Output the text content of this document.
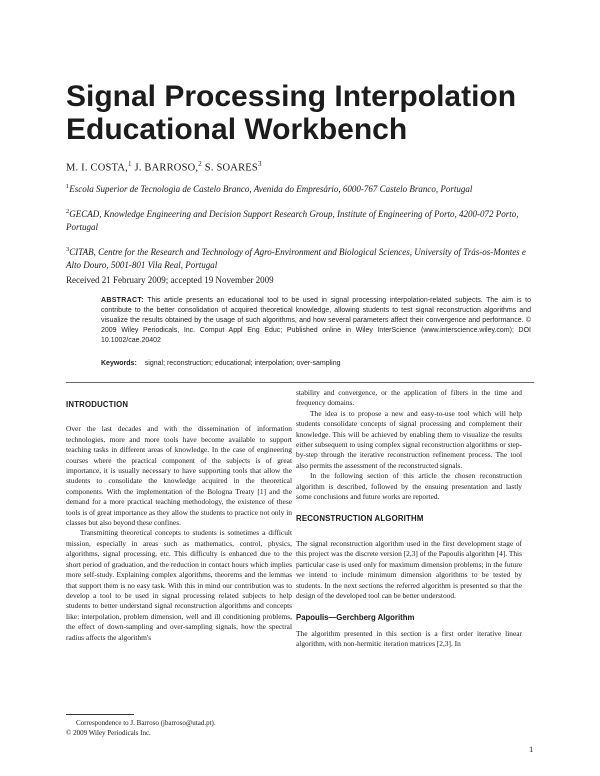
Signal Processing Interpolation
Educational Workbench
M. I. COSTA,$^1$ J. BARROSO,$^2$ S. SOARES$^3$
$^1$Escola Superior de Tecnologia de Castelo Branco, Avenida do Empresário, 6000-767 Castelo Branco, Portugal
$^2$GECAD, Knowledge Engineering and Decision Support Research Group, Institute of Engineering of Porto, 4200-072 Porto, Portugal
$^3$CITAB, Centre for the Research and Technology of Agro-Environment and Biological Sciences, University of Trás-os-Montes e Alto Douro, 5001-801 Vila Real, Portugal
Received 21 February 2009; accepted 19 November 2009
ABSTRACT: This article presents an educational tool to be used in signal processing interpolation-related subjects. The aim is to contribute to the better consolidation of acquired theoretical knowledge, allowing students to test signal reconstruction algorithms and visualize the results obtained by the usage of such algorithms, and how several parameters affect their convergence and performance. © 2009 Wiley Periodicals, Inc. Comput Appl Eng Educ; Published online in Wiley InterScience (www.interscience.wiley.com); DOI 10.1002/cae.20402
Keywords: signal; reconstruction; educational; interpolation; over-sampling
INTRODUCTION

Over the last decades and with the dissemination of information technologies, more and more tools have become available to support teaching tasks in different areas of knowledge. In the case of engineering courses where the practical component of the subjects is of great importance, it is usually necessary to have supporting tools that allow the students to consolidate the knowledge acquired in the theoretical components. With the implementation of the Bologna Treaty [1] and the demand for a more practical teaching methodology, the existence of these tools is of great importance as they allow the students to practice not only in classes but also beyond these confines.

Transmitting theoretical concepts to students is sometimes a difficult mission, especially in areas such as mathematics, control, physics, algorithms, signal processing, etc. This difficulty is enhanced due to the short period of graduation, and the reduction in contact hours which implies more self-study. Explaining complex algorithms, theorems and the lemmas that support them is no easy task. With this in mind our contribution was to develop a tool to be used in signal processing related subjects to help students to better understand signal reconstruction algorithms and concepts like: interpolation, problem dimension, well and ill conditioning problems, the effect of down-sampling and over-sampling signals, how the spectral radius affects the algorithm's

stability and convergence, or the application of filters in the time and frequency domains.

The idea is to propose a new and easy-to-use tool which will help students consolidate concepts of signal processing and complement their knowledge. This will be achieved by enabling them to visualize the results either subsequent to using complex signal reconstruction algorithms or step-by-step through the iterative reconstruction refinement process. The tool also permits the assessment of the reconstructed signals.

In the following section of this article the chosen reconstruction algorithm is described, followed by the ensuing presentation and lastly some conclusions and future works are reported.

RECONSTRUCTION ALGORITHM

The signal reconstruction algorithm used in the first development stage of this project was the discrete version [2,3] of the Papoulis algorithm [4]. This particular case is used only for maximum dimension problems; in the future we intend to include minimum dimension algorithms to be tested by students. In the next sections the referred algorithm is presented so that the design of the developed tool can be better understood.

Papoulis—Gerchberg Algorithm

The algorithm presented in this section is a first order iterative linear algorithm, with non-hermitic iteration matrices [2,3]. In

Correspondence to J. Barroso (jbarroso@utad.pt).
© 2009 Wiley Periodicals Inc.
1
